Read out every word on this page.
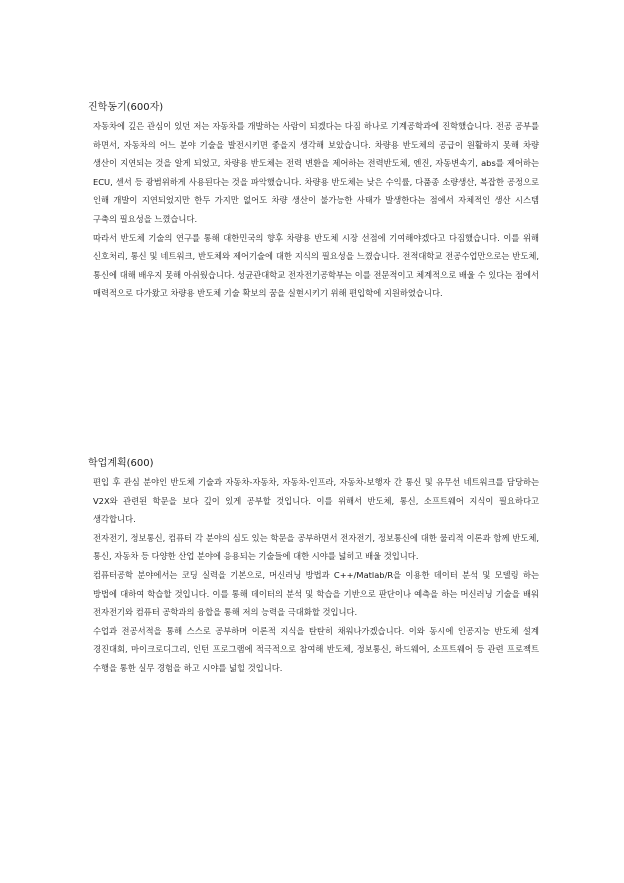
진학동기(600자)

자동차에 깊은 관심이 있던 저는 자동차를 개발하는 사람이 되겠다는 다짐 하나로 기계공학과에 진학했습니다. 전공 공부를 하면서, 자동차의 어느 분야 기술을 발전시키면 좋을지 생각해 보았습니다. 차량용 반도체의 공급이 원활하지 못해 차량 생산이 지연되는 것을 알게 되었고, 차량용 반도체는 전력 변환을 제어하는 전력반도체, 엔진, 자동변속기, abs를 제어하는 ECU, 센서 등 광범위하게 사용된다는 것을 파악했습니다. 차량용 반도체는 낮은 수익률, 다품종 소량생산, 복잡한 공정으로 인해 개발이 지연되었지만 한두 가지만 없어도 차량 생산이 불가능한 사태가 발생한다는 점에서 자체적인 생산 시스템 구축의 필요성을 느꼈습니다.

따라서 반도체 기술의 연구를 통해 대한민국의 향후 차량용 반도체 시장 선점에 기여해야겠다고 다짐했습니다. 이를 위해 신호처리, 통신 및 네트워크, 반도체와 제어기술에 대한 지식의 필요성을 느꼈습니다. 전적대학교 전공수업만으로는 반도체, 통신에 대해 배우지 못해 아쉬웠습니다. 성균관대학교 전자전기공학부는 이를 전문적이고 체계적으로 배울 수 있다는 점에서 매력적으로 다가왔고 차량용 반도체 기술 확보의 꿈을 실현시키기 위해 편입학에 지원하였습니다.

학업계획(600)

편입 후 관심 분야인 반도체 기술과 자동차-자동차, 자동차-인프라, 자동차-보행자 간 통신 및 유무선 네트워크를 담당하는 V2X와 관련된 학문을 보다 깊이 있게 공부할 것입니다. 이를 위해서 반도체, 통신, 소프트웨어 지식이 필요하다고 생각합니다.

전자전기, 정보통신, 컴퓨터 각 분야의 심도 있는 학문을 공부하면서 전자전기, 정보통신에 대한 물리적 이론과 함께 반도체, 통신, 자동차 등 다양한 산업 분야에 응용되는 기술들에 대한 시야를 넓히고 배울 것입니다.

컴퓨터공학 분야에서는 코딩 실력을 기본으로, 머신러닝 방법과 C++/Matlab/R을 이용한 데이터 분석 및 모델링 하는 방법에 대하여 학습할 것입니다. 이를 통해 데이터의 분석 및 학습을 기반으로 판단이나 예측을 하는 머신러닝 기술을 배워 전자전기와 컴퓨터 공학과의 융합을 통해 저의 능력을 극대화할 것입니다.

수업과 전공서적을 통해 스스로 공부하며 이론적 지식을 탄탄히 채워나가겠습니다. 이와 동시에 인공지능 반도체 설계 경진대회, 마이크로디그리, 인턴 프로그램에 적극적으로 참여해 반도체, 정보통신, 하드웨어, 소프트웨어 등 관련 프로젝트 수행을 통한 실무 경험을 하고 시야를 넓힐 것입니다.
